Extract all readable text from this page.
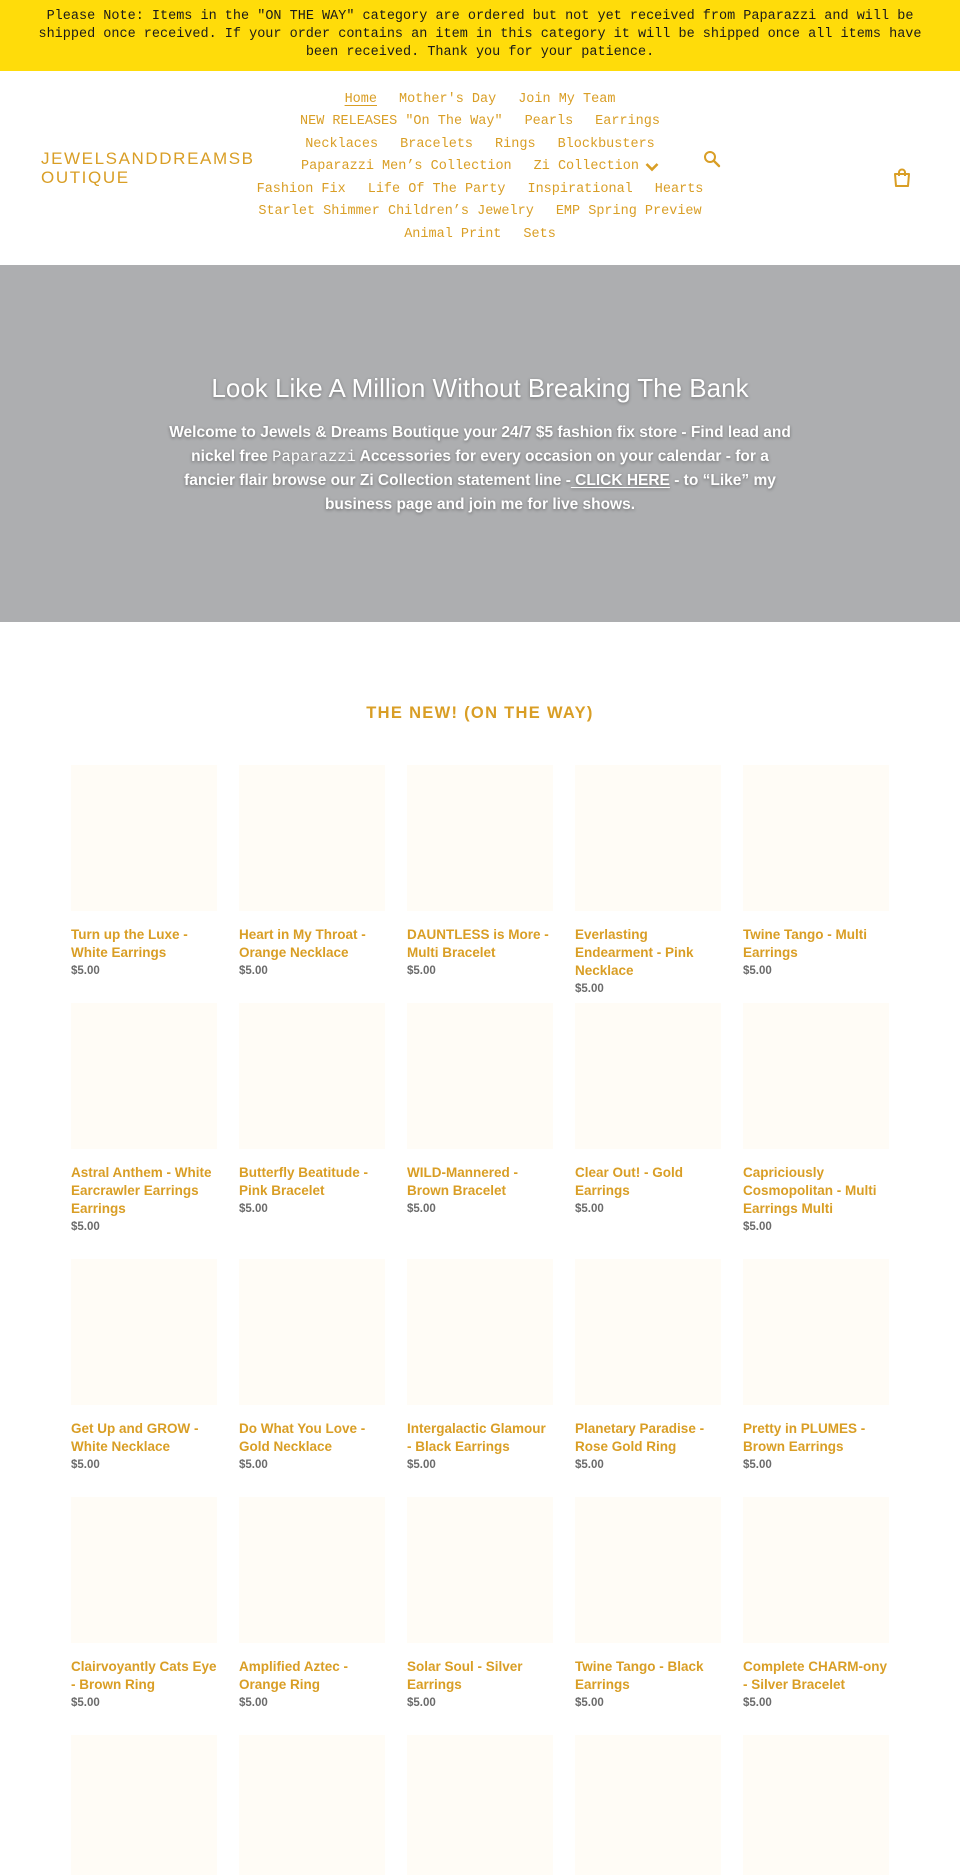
Please Note: Items in the "ON THE WAY" category are ordered but not yet received from Paparazzi and will be shipped once received. If your order contains an item in this category it will be shipped once all items have been received. Thank you for your patience.
JEWELSANDDREAMSBOUTIQUE
Home Mother's Day Join My Team
NEW RELEASES "On The Way" Pearls Earrings
Necklaces Bracelets Rings Blockbusters
Paparazzi Men’s Collection Zi Collection
Fashion Fix Life Of The Party Inspirational Hearts
Starlet Shimmer Children’s Jewelry EMP Spring Preview
Animal Print Sets
Look Like A Million Without Breaking The Bank

Welcome to Jewels & Dreams Boutique your 24/7 $5 fashion fix store - Find lead and nickel free Paparazzi Accessories for every occasion on your calendar - for a fancier flair browse our Zi Collection statement line - CLICK HERE - to “Like” my business page and join me for live shows.

THE NEW! (ON THE WAY)
Turn up the Luxe - White Earrings
$5.00
Heart in My Throat - Orange Necklace
$5.00
DAUNTLESS is More - Multi Bracelet
$5.00
Everlasting Endearment - Pink Necklace
$5.00
Twine Tango - Multi Earrings
$5.00
Astral Anthem - White Earcrawler Earrings Earrings
$5.00
Butterfly Beatitude - Pink Bracelet
$5.00
WILD-Mannered - Brown Bracelet
$5.00
Clear Out! - Gold Earrings
$5.00
Capriciously Cosmopolitan - Multi Earrings Multi
$5.00
Get Up and GROW - White Necklace
$5.00
Do What You Love - Gold Necklace
$5.00
Intergalactic Glamour - Black Earrings
$5.00
Planetary Paradise - Rose Gold Ring
$5.00
Pretty in PLUMES - Brown Earrings
$5.00
Clairvoyantly Cats Eye - Brown Ring
$5.00
Amplified Aztec - Orange Ring
$5.00
Solar Soul - Silver Earrings
$5.00
Twine Tango - Black Earrings
$5.00
Complete CHARM-ony - Silver Bracelet
$5.00
